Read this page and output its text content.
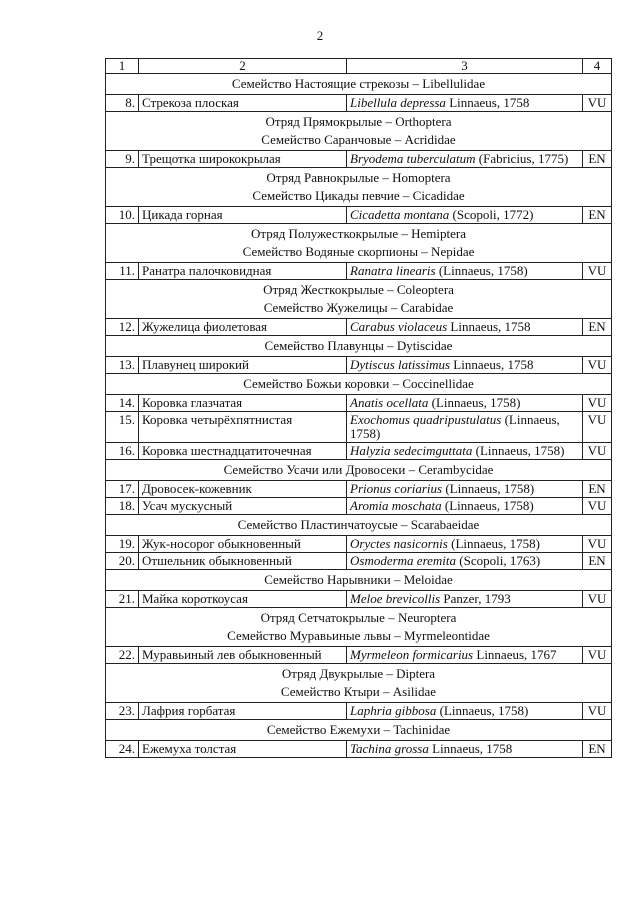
2
1	2	3	4

Семейство Настоящие стрекозы – Libellulidae			

8.	Стрекоза плоская	Libellula depressa Linnaeus, 1758	VU

Отряд Прямокрылые – Orthoptera
Семейство Саранчовые – Acrididae			

9.	Трещотка ширококрылая	Bryodema tuberculatum (Fabricius, 1775)	EN

Отряд Равнокрылые – Homoptera
Семейство Цикады певчие – Cicadidae			

10.	Цикада горная	Cicadetta montana (Scopoli, 1772)	EN

Отряд Полужесткокрылые – Hemiptera
Семейство Водяные скорпионы – Nepidae			

11.	Ранатра палочковидная	Ranatra linearis (Linnaeus, 1758)	VU

Отряд Жесткокрылые – Coleoptera
Семейство Жужелицы – Carabidae			

12.	Жужелица фиолетовая	Carabus violaceus Linnaeus, 1758	EN

Семейство Плавунцы – Dytiscidae			

13.	Плавунец широкий	Dytiscus latissimus Linnaeus, 1758	VU

Семейство Божьи коровки – Coccinellidae			

14.	Коровка глазчатая	Anatis ocellata (Linnaeus, 1758)	VU
15.	Коровка четырёхпятнистая	Exochomus quadripustulatus (Linnaeus, 1758)	VU
16.	Коровка шестнадцатиточечная	Halyzia sedecimguttata (Linnaeus, 1758)	VU

Семейство Усачи или Дровосеки – Cerambycidae			

17.	Дровосек-кожевник	Prionus coriarius (Linnaeus, 1758)	EN
18.	Усач мускусный	Aromia moschata (Linnaeus, 1758)	VU

Семейство Пластинчатоусые – Scarabaeidae			

19.	Жук-носорог обыкновенный	Oryctes nasicornis (Linnaeus, 1758)	VU
20.	Отшельник обыкновенный	Osmoderma eremita (Scopoli, 1763)	EN

Семейство Нарывники – Meloidae			

21.	Майка короткоусая	Meloe brevicollis Panzer, 1793	VU

Отряд Сетчатокрылые – Neuroptera
Семейство Муравьиные львы – Myrmeleontidae			

22.	Муравьиный лев обыкновенный	Myrmeleon formicarius Linnaeus, 1767	VU

Отряд Двукрылые – Diptera
Семейство Ктыри – Asilidae			

23.	Лафрия горбатая	Laphria gibbosa (Linnaeus, 1758)	VU

Семейство Ежемухи – Tachinidae			

24.	Ежемуха толстая	Tachina grossa Linnaeus, 1758	EN
